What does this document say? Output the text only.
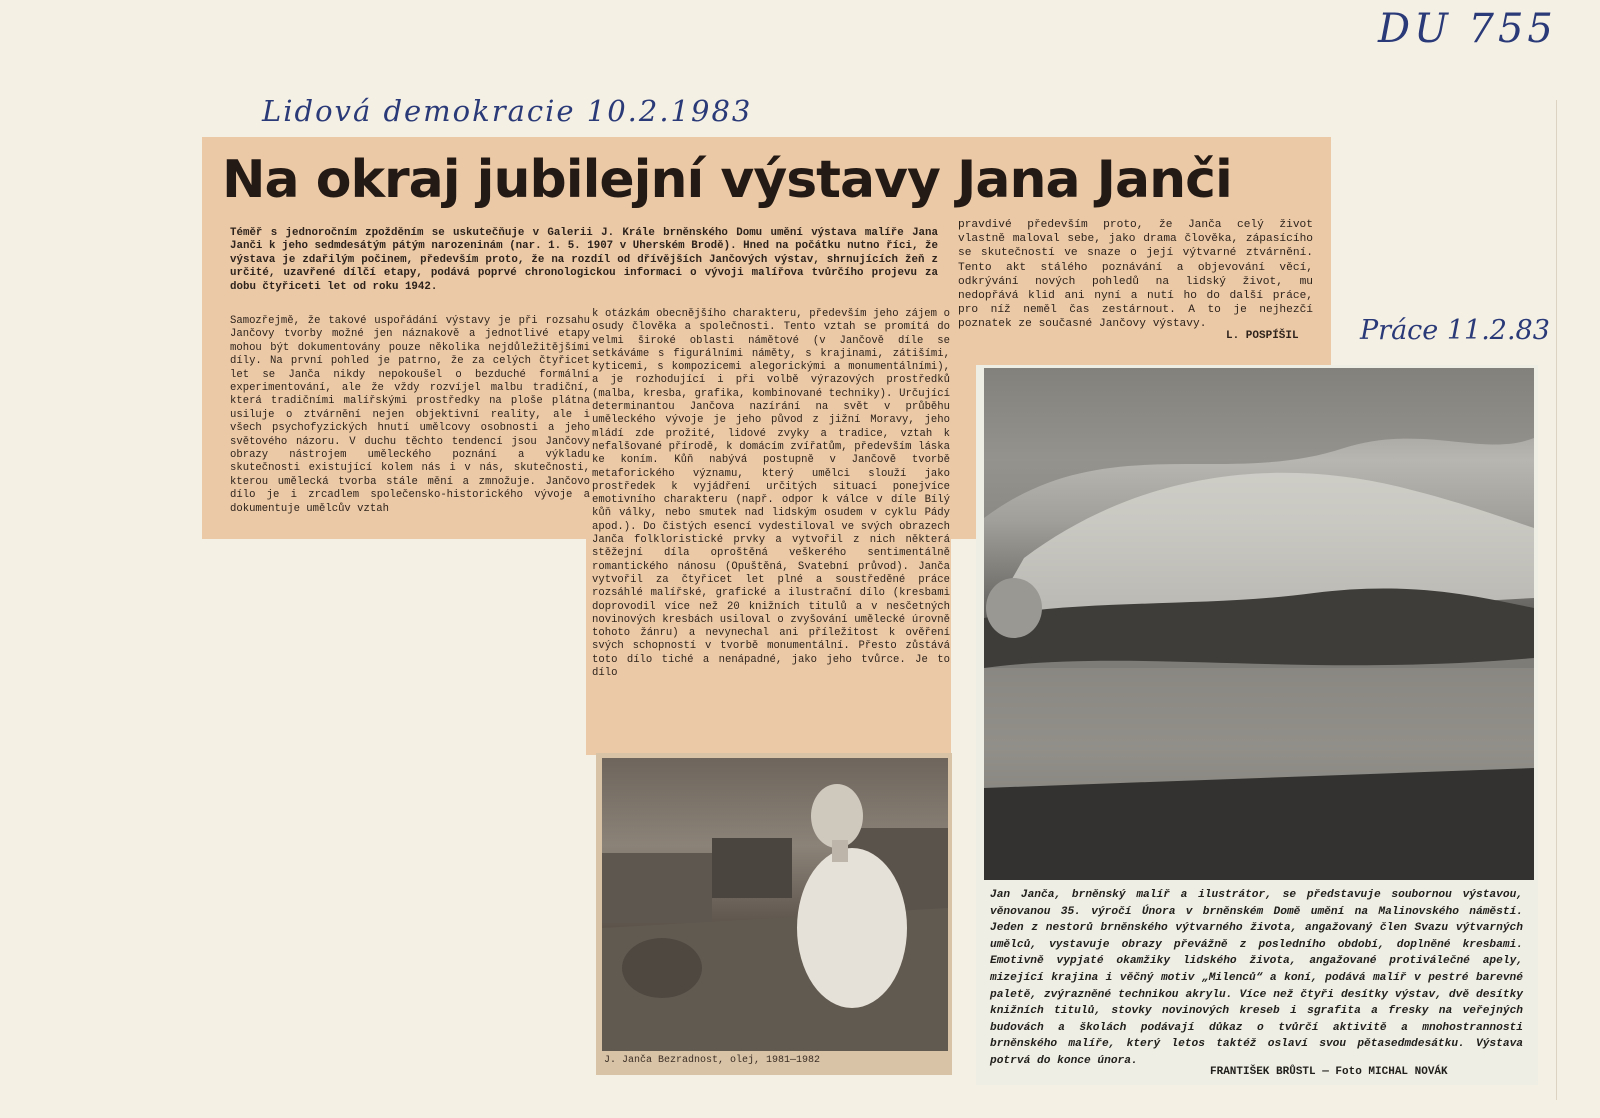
DU 755
Lidová demokracie 10.2.1983
Práce 11.2.83
Na okraj jubilejní výstavy Jana Janči

Téměř s jednoročním zpožděním se uskutečňuje v Galerii J. Krále brněnského Domu umění výstava malíře Jana Janči k jeho sedmdesátým pátým narozeninám (nar. 1. 5. 1907 v Uherském Brodě). Hned na počátku nutno říci, že výstava je zdařilým počinem, především proto, že na rozdíl od dřívějších Jančových výstav, shrnujících žeň z určité, uzavřené dílčí etapy, podává poprvé chronologickou informaci o vývoji malířova tvůrčího projevu za dobu čtyřiceti let od roku 1942.

Samozřejmě, že takové uspořádání výstavy je při rozsahu Jančovy tvorby možné jen náznakově a jednotlivé etapy mohou být dokumentovány pouze několika nejdůležitějšími díly. Na první pohled je patrno, že za celých čtyřicet let se Janča nikdy nepokoušel o bezduché formální experimentování, ale že vždy rozvíjel malbu tradiční, která tradičními malířskými prostředky na ploše plátna usiluje o ztvárnění nejen objektivní reality, ale i všech psychofyzických hnutí umělcovy osobnosti a jeho světového názoru. V duchu těchto tendencí jsou Jančovy obrazy nástrojem uměleckého poznání a výkladu skutečnosti existující kolem nás i v nás, skutečnosti, kterou umělecká tvorba stále mění a zmnožuje. Jančovo dílo je i zrcadlem společensko-historického vývoje a dokumentuje umělcův vztah

k otázkám obecnějšího charakteru, především jeho zájem o osudy člověka a společnosti. Tento vztah se promítá do velmi široké oblasti námětové (v Jančově díle se setkáváme s figurálními náměty, s krajinami, zátišími, kyticemi, s kompozicemi alegorickými a monumentálními), a je rozhodující i při volbě výrazových prostředků (malba, kresba, grafika, kombinované techniky). Určující determinantou Jančova nazírání na svět v průběhu uměleckého vývoje je jeho původ z jižní Moravy, jeho mládí zde prožité, lidové zvyky a tradice, vztah k nefalšované přírodě, k domácím zvířatům, především láska ke koním. Kůň nabývá postupně v Jančově tvorbě metaforického významu, který umělci slouží jako prostředek k vyjádření určitých situací ponejvíce emotivního charakteru (např. odpor k válce v díle Bílý kůň války, nebo smutek nad lidským osudem v cyklu Pády apod.). Do čistých esencí vydestiloval ve svých obrazech Janča folkloristické prvky a vytvořil z nich některá stěžejní díla oproštěná veškerého sentimentálně romantického nánosu (Opuštěná, Svatební průvod). Janča vytvořil za čtyřicet let plné a soustředěné práce rozsáhlé malířské, grafické a ilustrační dílo (kresbami doprovodil více než 20 knižních titulů a v nesčetných novinových kresbách usiloval o zvyšování umělecké úrovně tohoto žánru) a nevynechal ani příležitost k ověření svých schopností v tvorbě monumentální. Přesto zůstává toto dílo tiché a nenápadné, jako jeho tvůrce. Je to dílo

pravdivé především proto, že Janča celý život vlastně maloval sebe, jako drama člověka, zápasícího se skutečností ve snaze o její výtvarné ztvárnění. Tento akt stálého poznávání a objevování věcí, odkrývání nových pohledů na lidský život, mu nedopřává klid ani nyní a nutí ho do další práce, pro níž neměl čas zestárnout. A to je nejhezčí poznatek ze současné Jančovy výstavy.

L. POSPÍŠIL

J. Janča Bezradnost, olej, 1981—1982

Jan Janča, brněnský malíř a ilustrátor, se představuje soubornou výstavou, věnovanou 35. výročí Února v brněnském Domě umění na Malinovského náměstí. Jeden z nestorů brněnského výtvarného života, angažovaný člen Svazu výtvarných umělců, vystavuje obrazy převážně z posledního období, doplněné kresbami. Emotivně vypjaté okamžiky lidského života, angažované protiválečné apely, mizející krajina i věčný motiv „Milenců“ a koní, podává malíř v pestré barevné paletě, zvýrazněné technikou akrylu. Více než čtyři desítky výstav, dvě desítky knižních titulů, stovky novinových kreseb i sgrafita a fresky na veřejných budovách a školách podávají důkaz o tvůrčí aktivitě a mnohostrannosti brněnského malíře, který letos taktéž oslaví svou pětasedmdesátku. Výstava potrvá do konce února.

FRANTIŠEK BRŮSTL — Foto MICHAL NOVÁK
